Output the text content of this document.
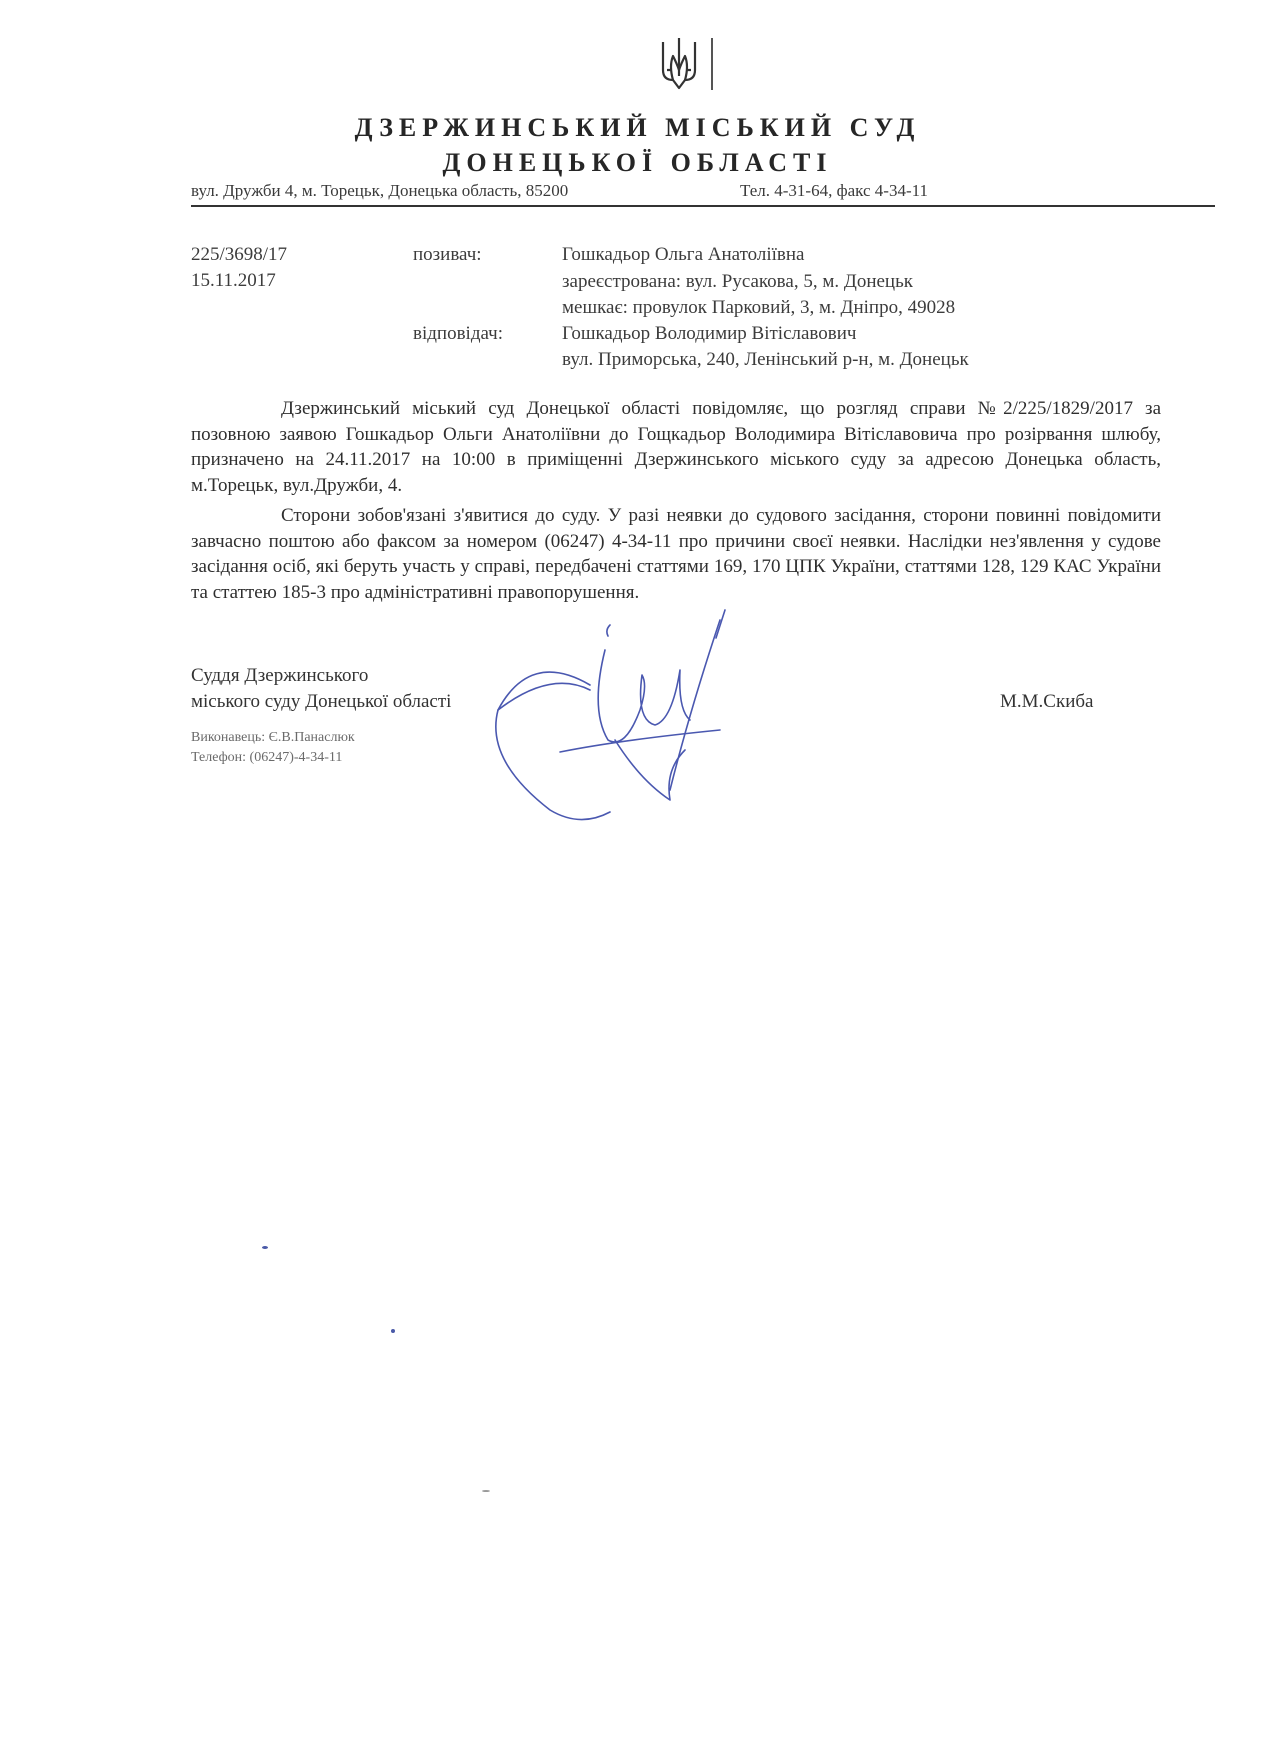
ДЗЕРЖИНСЬКИЙ МІСЬКИЙ СУД
ДОНЕЦЬКОЇ ОБЛАСТІ
вул. Дружби 4, м. Торецьк, Донецька область, 85200	Тел. 4-31-64, факс 4-34-11
225/3698/17
15.11.2017
позивач:	Гошкадьор Ольга Анатоліївна
зареєстрована: вул. Русакова, 5, м. Донецьк
мешкає: провулок Парковий, 3, м. Дніпро, 49028
відповідач:	Гошкадьор Володимир Вітіславович
вул. Приморська, 240, Ленінський р-н, м. Донецьк
Дзержинський міський суд Донецької області повідомляє, що розгляд справи №2/225/1829/2017 за позовною заявою Гошкадьор Ольги Анатоліївни до Гощкадьор Володимира Вітіславовича про розірвання шлюбу, призначено на 24.11.2017 на 10:00 в приміщенні Дзержинського міського суду за адресою Донецька область, м.Торецьк, вул.Дружби, 4.
Сторони зобов'язані з'явитися до суду. У разі неявки до судового засідання, сторони повинні повідомити завчасно поштою або факсом за номером (06247) 4-34-11 про причини своєї неявки. Наслідки нез'явлення у судове засідання осіб, які беруть участь у справі, передбачені статтями 169, 170 ЦПК України, статтями 128, 129 КАС України та статтею 185-3 про адміністративні правопорушення.
Суддя Дзержинського
міського суду Донецької області	М.М.Скиба
Виконавець: Є.В.Панаслюк
Телефон: (06247)-4-34-11
